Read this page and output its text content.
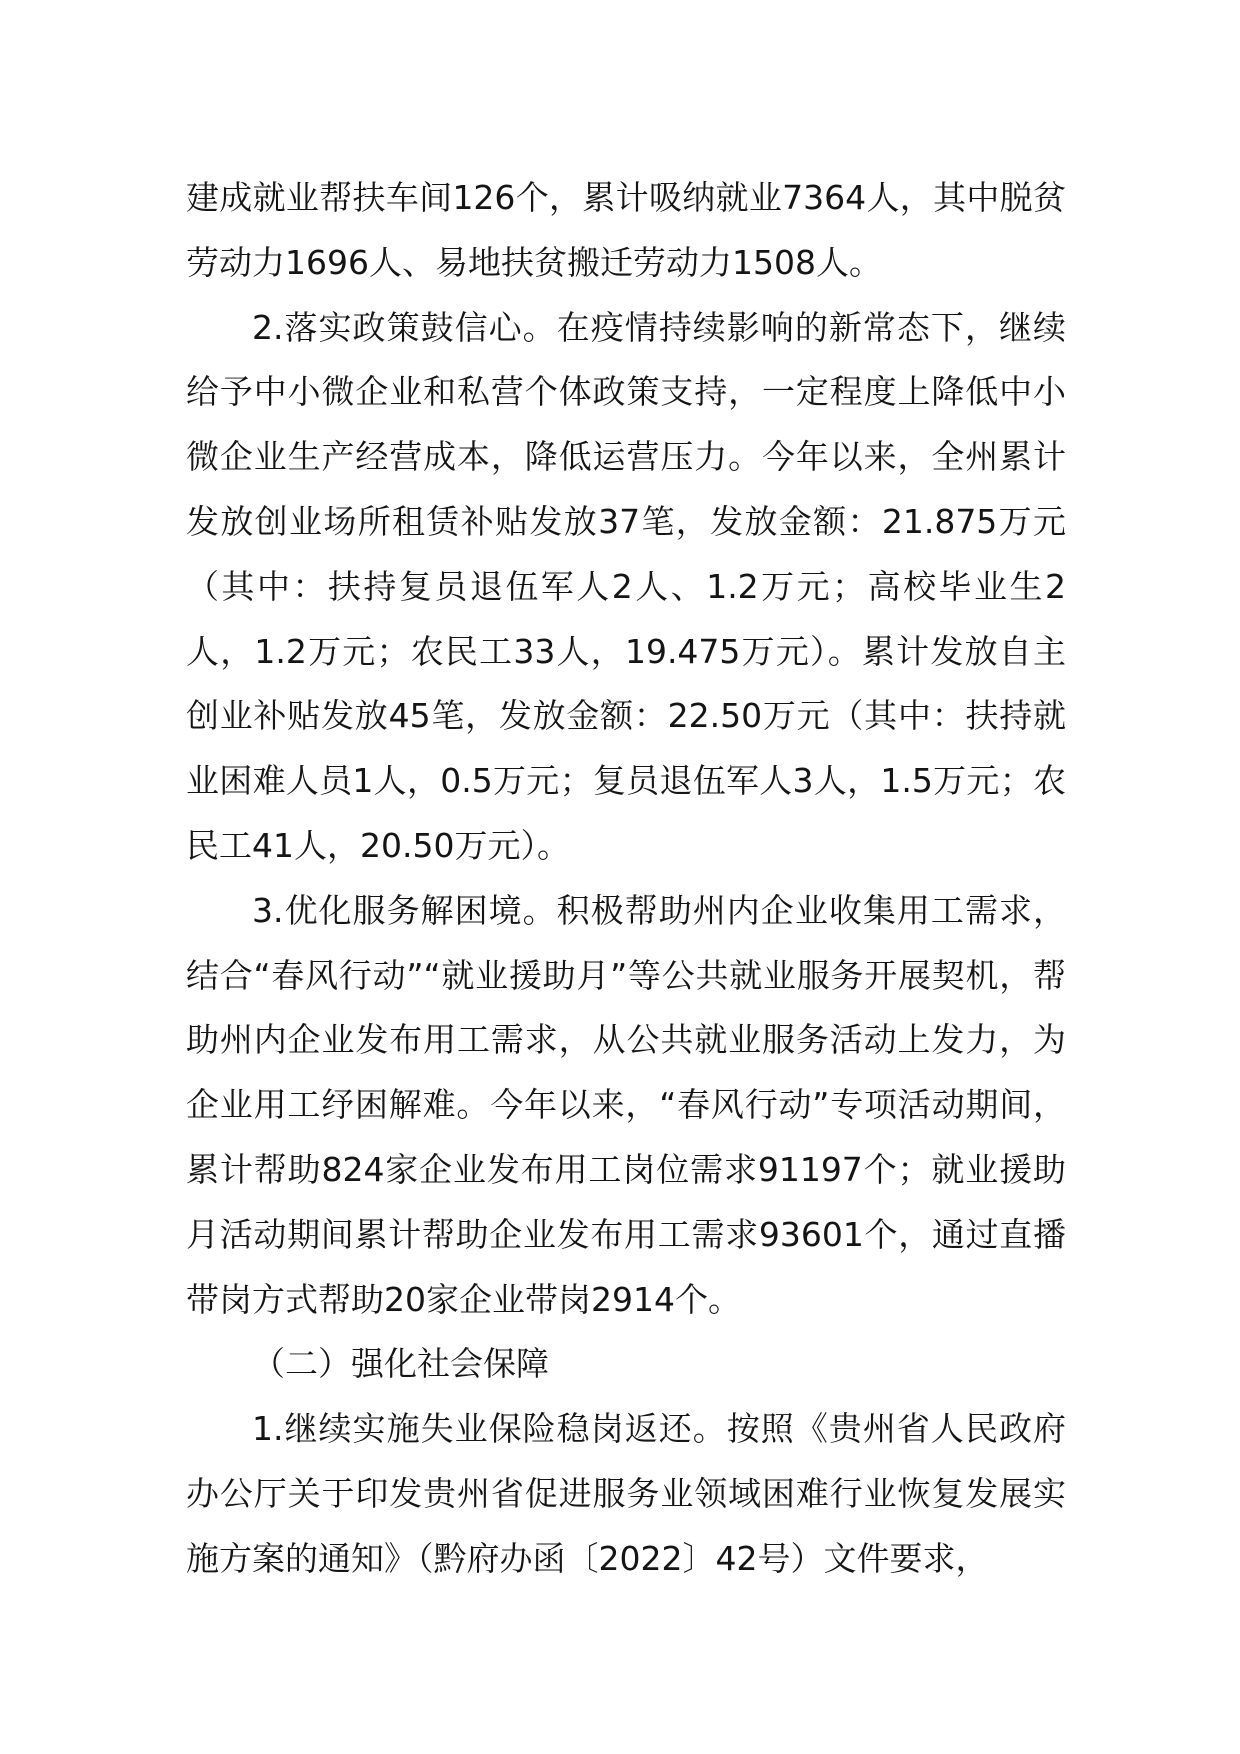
建成就业帮扶车间126个，累计吸纳就业7364人，其中脱贫劳动力1696人、易地扶贫搬迁劳动力1508人。

2.落实政策鼓信心。在疫情持续影响的新常态下，继续给予中小微企业和私营个体政策支持，一定程度上降低中小微企业生产经营成本，降低运营压力。今年以来，全州累计发放创业场所租赁补贴发放37笔，发放金额：21.875万元（其中：扶持复员退伍军人2人、1.2万元；高校毕业生2人，1.2万元；农民工33人，19.475万元）。累计发放自主创业补贴发放45笔，发放金额：22.50万元（其中：扶持就业困难人员1人，0.5万元；复员退伍军人3人，1.5万元；农民工41人，20.50万元）。

3.优化服务解困境。积极帮助州内企业收集用工需求，结合“春风行动”“就业援助月”等公共就业服务开展契机，帮助州内企业发布用工需求，从公共就业服务活动上发力，为企业用工纾困解难。今年以来，“春风行动”专项活动期间，累计帮助824家企业发布用工岗位需求91197个；就业援助月活动期间累计帮助企业发布用工需求93601个，通过直播带岗方式帮助20家企业带岗2914个。

（二）强化社会保障

1.继续实施失业保险稳岗返还。按照《贵州省人民政府办公厅关于印发贵州省促进服务业领域困难行业恢复发展实施方案的通知》（黔府办函〔2022〕42号）文件要求，
